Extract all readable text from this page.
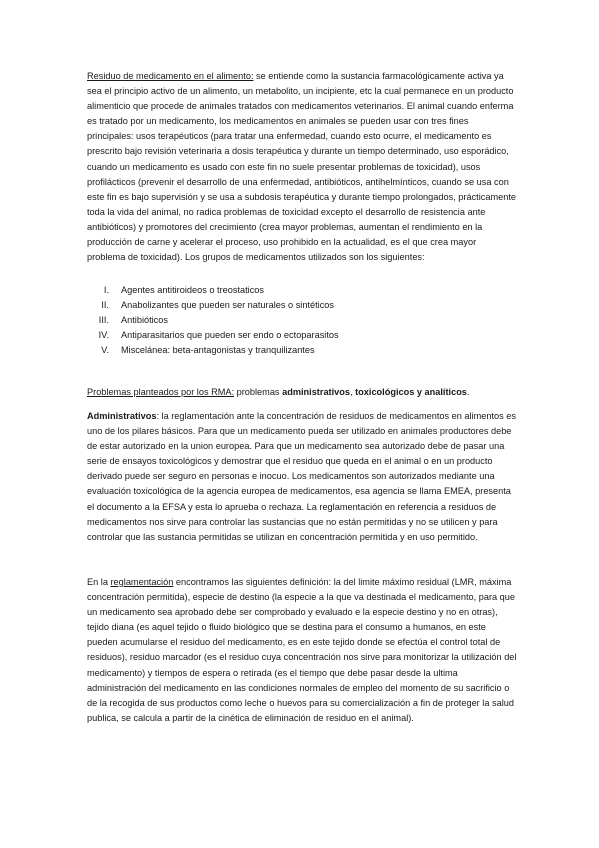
Residuo de medicamento en el alimento: se entiende como la sustancia farmacológicamente activa ya sea el principio activo de un alimento, un metabolito, un incipiente, etc la cual permanece en un producto alimenticio que procede de animales tratados con medicamentos veterinarios. El animal cuando enferma es tratado por un medicamento, los medicamentos en animales se pueden usar con tres fines principales: usos terapéuticos (para tratar una enfermedad, cuando esto ocurre, el medicamento es prescrito bajo revisión veterinaria a dosis terapéutica y durante un tiempo determinado, uso esporádico, cuando un medicamento es usado con este fin no suele presentar problemas de toxicidad), usos profilácticos (prevenir el desarrollo de una enfermedad, antibióticos, antihelmínticos, cuando se usa con este fin es bajo supervisión y se usa a subdosis terapéutica y durante tiempo prolongados, prácticamente toda la vida del animal, no radica problemas de toxicidad excepto el desarrollo de resistencia ante antibióticos) y promotores del crecimiento (crea mayor problemas, aumentan el rendimiento en la producción de carne y acelerar el proceso, uso prohibido en la actualidad, es el que crea mayor problema de toxicidad). Los grupos de medicamentos utilizados son los siguientes:

I. Agentes antitiroideos o treostaticos
II. Anabolizantes que pueden ser naturales o sintéticos
III. Antibióticos
IV. Antiparasitarios que pueden ser endo o ectoparasitos
V. Miscelánea: beta-antagonistas y tranquilizantes

Problemas planteados por los RMA: problemas administrativos, toxicológicos y analíticos.

Administrativos: la reglamentación ante la concentración de residuos de medicamentos en alimentos es uno de los pilares básicos. Para que un medicamento pueda ser utilizado en animales productores debe de estar autorizado en la union europea. Para que un medicamento sea autorizado debe de pasar una serie de ensayos toxicológicos y demostrar que el residuo que queda en el animal o en un producto derivado puede ser seguro en personas e inocuo. Los medicamentos son autorizados mediante una evaluación toxicológica de la agencia europea de medicamentos, esa agencia se llama EMEA, presenta el documento a la EFSA y esta lo aprueba o rechaza. La reglamentación en referencia a residuos de medicamentos nos sirve para controlar las sustancias que no están permitidas y no se utilicen y para controlar que las sustancia permitidas se utilizan en concentración permitida y en uso permitido.

En la reglamentación encontramos las siguientes definición: la del limite máximo residual (LMR, máxima concentración permitida), especie de destino (la especie a la que va destinada el medicamento, para que un medicamento sea aprobado debe ser comprobado y evaluado e la especie destino y no en otras), tejido diana (es aquel tejido o fluido biológico que se destina para el consumo a humanos, en este pueden acumularse el residuo del medicamento, es en este tejido donde se efectúa el control total de residuos), residuo marcador (es el residuo cuya concentración nos sirve para monitorizar la utilización del medicamento) y tiempos de espera o retirada (es el tiempo que debe pasar desde la ultima administración del medicamento en las condiciones normales de empleo del momento de su sacrificio o de la recogida de sus productos como leche o huevos para su comercialización a fin de proteger la salud publica, se calcula a partir de la cinética de eliminación de residuo en el animal).
